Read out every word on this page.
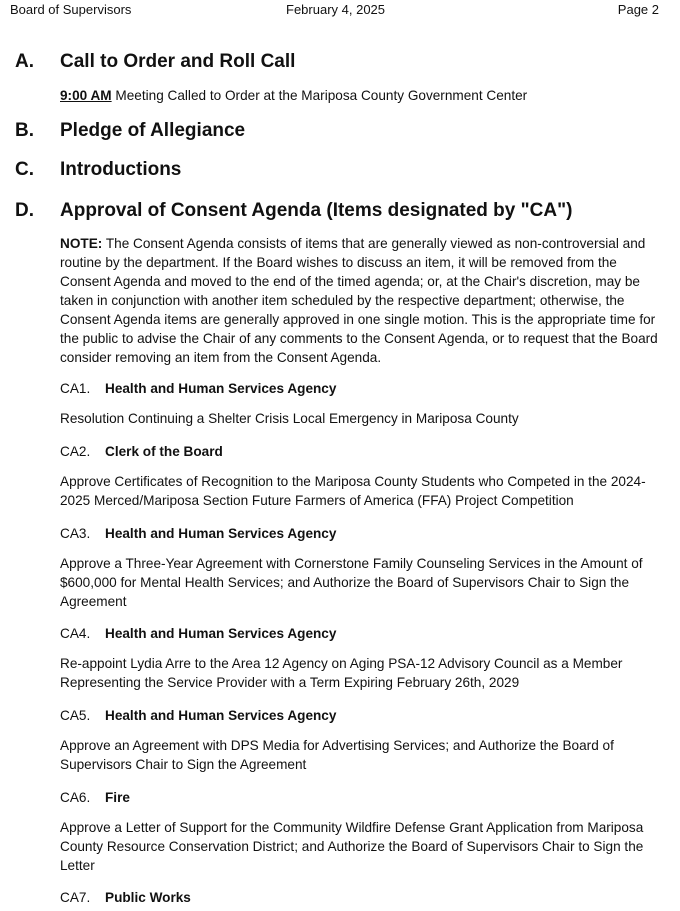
Board of Supervisors	February 4, 2025	Page 2
A. Call to Order and Roll Call
9:00 AM Meeting Called to Order at the Mariposa County Government Center
B. Pledge of Allegiance
C. Introductions
D. Approval of Consent Agenda (Items designated by "CA")
NOTE: The Consent Agenda consists of items that are generally viewed as non-controversial and routine by the department. If the Board wishes to discuss an item, it will be removed from the Consent Agenda and moved to the end of the timed agenda; or, at the Chair's discretion, may be taken in conjunction with another item scheduled by the respective department; otherwise, the Consent Agenda items are generally approved in one single motion. This is the appropriate time for the public to advise the Chair of any comments to the Consent Agenda, or to request that the Board consider removing an item from the Consent Agenda.
CA1. Health and Human Services Agency
Resolution Continuing a Shelter Crisis Local Emergency in Mariposa County
CA2. Clerk of the Board
Approve Certificates of Recognition to the Mariposa County Students who Competed in the 2024-2025 Merced/Mariposa Section Future Farmers of America (FFA) Project Competition
CA3. Health and Human Services Agency
Approve a Three-Year Agreement with Cornerstone Family Counseling Services in the Amount of $600,000 for Mental Health Services; and Authorize the Board of Supervisors Chair to Sign the Agreement
CA4. Health and Human Services Agency
Re-appoint Lydia Arre to the Area 12 Agency on Aging PSA-12 Advisory Council as a Member Representing the Service Provider with a Term Expiring February 26th, 2029
CA5. Health and Human Services Agency
Approve an Agreement with DPS Media for Advertising Services; and Authorize the Board of Supervisors Chair to Sign the Agreement
CA6. Fire
Approve a Letter of Support for the Community Wildfire Defense Grant Application from Mariposa County Resource Conservation District; and Authorize the Board of Supervisors Chair to Sign the Letter
CA7. Public Works
